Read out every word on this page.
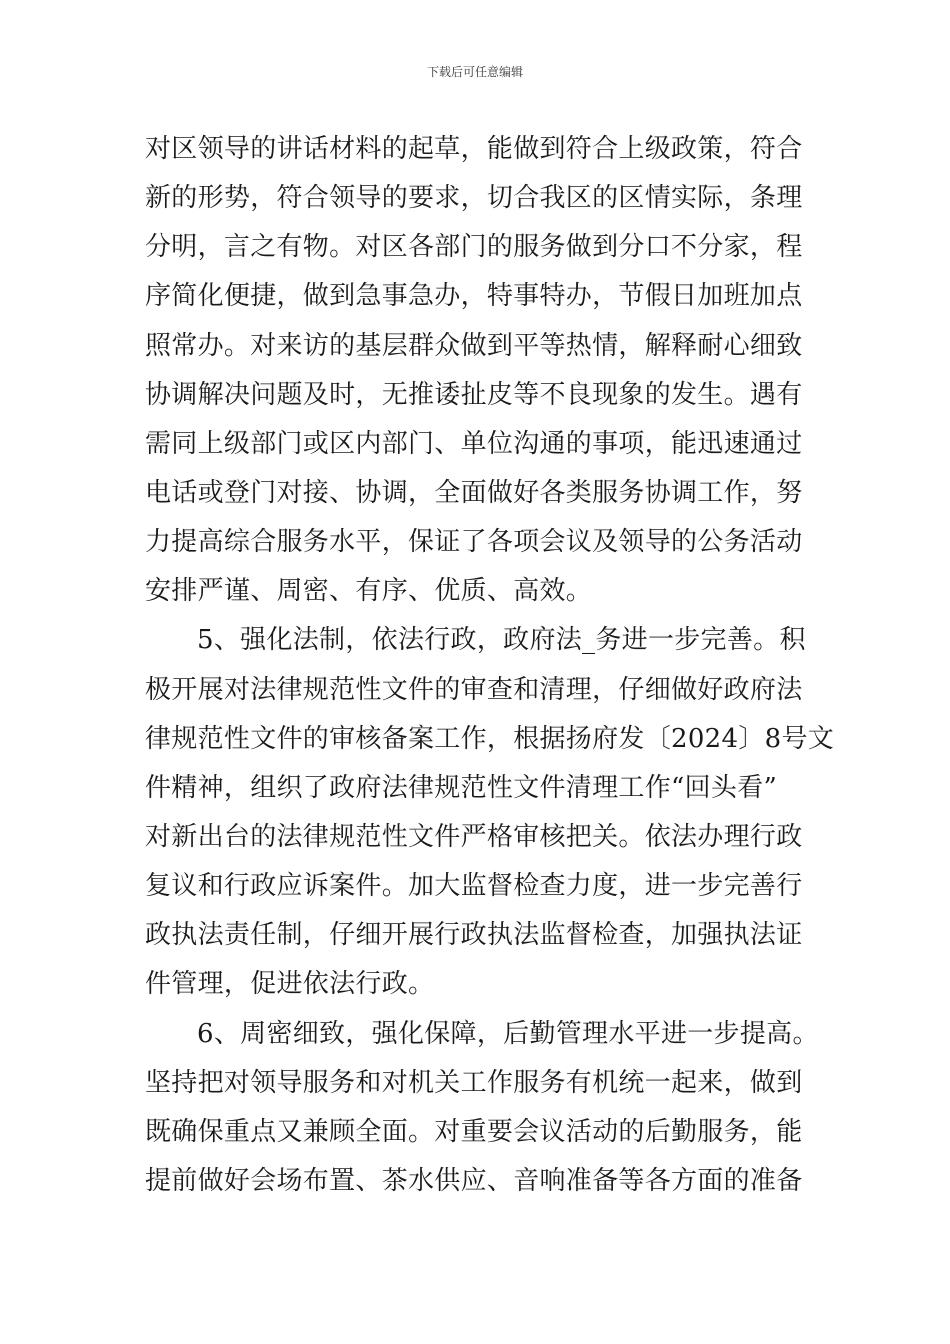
下载后可任意编辑
对区领导的讲话材料的起草，能做到符合上级政策，符合
新的形势，符合领导的要求，切合我区的区情实际，条理
分明，言之有物。对区各部门的服务做到分口不分家，程
序简化便捷，做到急事急办，特事特办，节假日加班加点
照常办。对来访的基层群众做到平等热情，解释耐心细致
协调解决问题及时，无推诿扯皮等不良现象的发生。遇有
需同上级部门或区内部门、单位沟通的事项，能迅速通过
电话或登门对接、协调，全面做好各类服务协调工作，努
力提高综合服务水平，保证了各项会议及领导的公务活动
安排严谨、周密、有序、优质、高效。
5、强化法制，依法行政，政府法_务进一步完善。积
极开展对法律规范性文件的审查和清理，仔细做好政府法
律规范性文件的审核备案工作，根据扬府发〔2024〕8号文
件精神，组织了政府法律规范性文件清理工作“回头看”
对新出台的法律规范性文件严格审核把关。依法办理行政
复议和行政应诉案件。加大监督检查力度，进一步完善行
政执法责任制，仔细开展行政执法监督检查，加强执法证
件管理，促进依法行政。
6、周密细致，强化保障，后勤管理水平进一步提高。
坚持把对领导服务和对机关工作服务有机统一起来，做到
既确保重点又兼顾全面。对重要会议活动的后勤服务，能
提前做好会场布置、茶水供应、音响准备等各方面的准备
